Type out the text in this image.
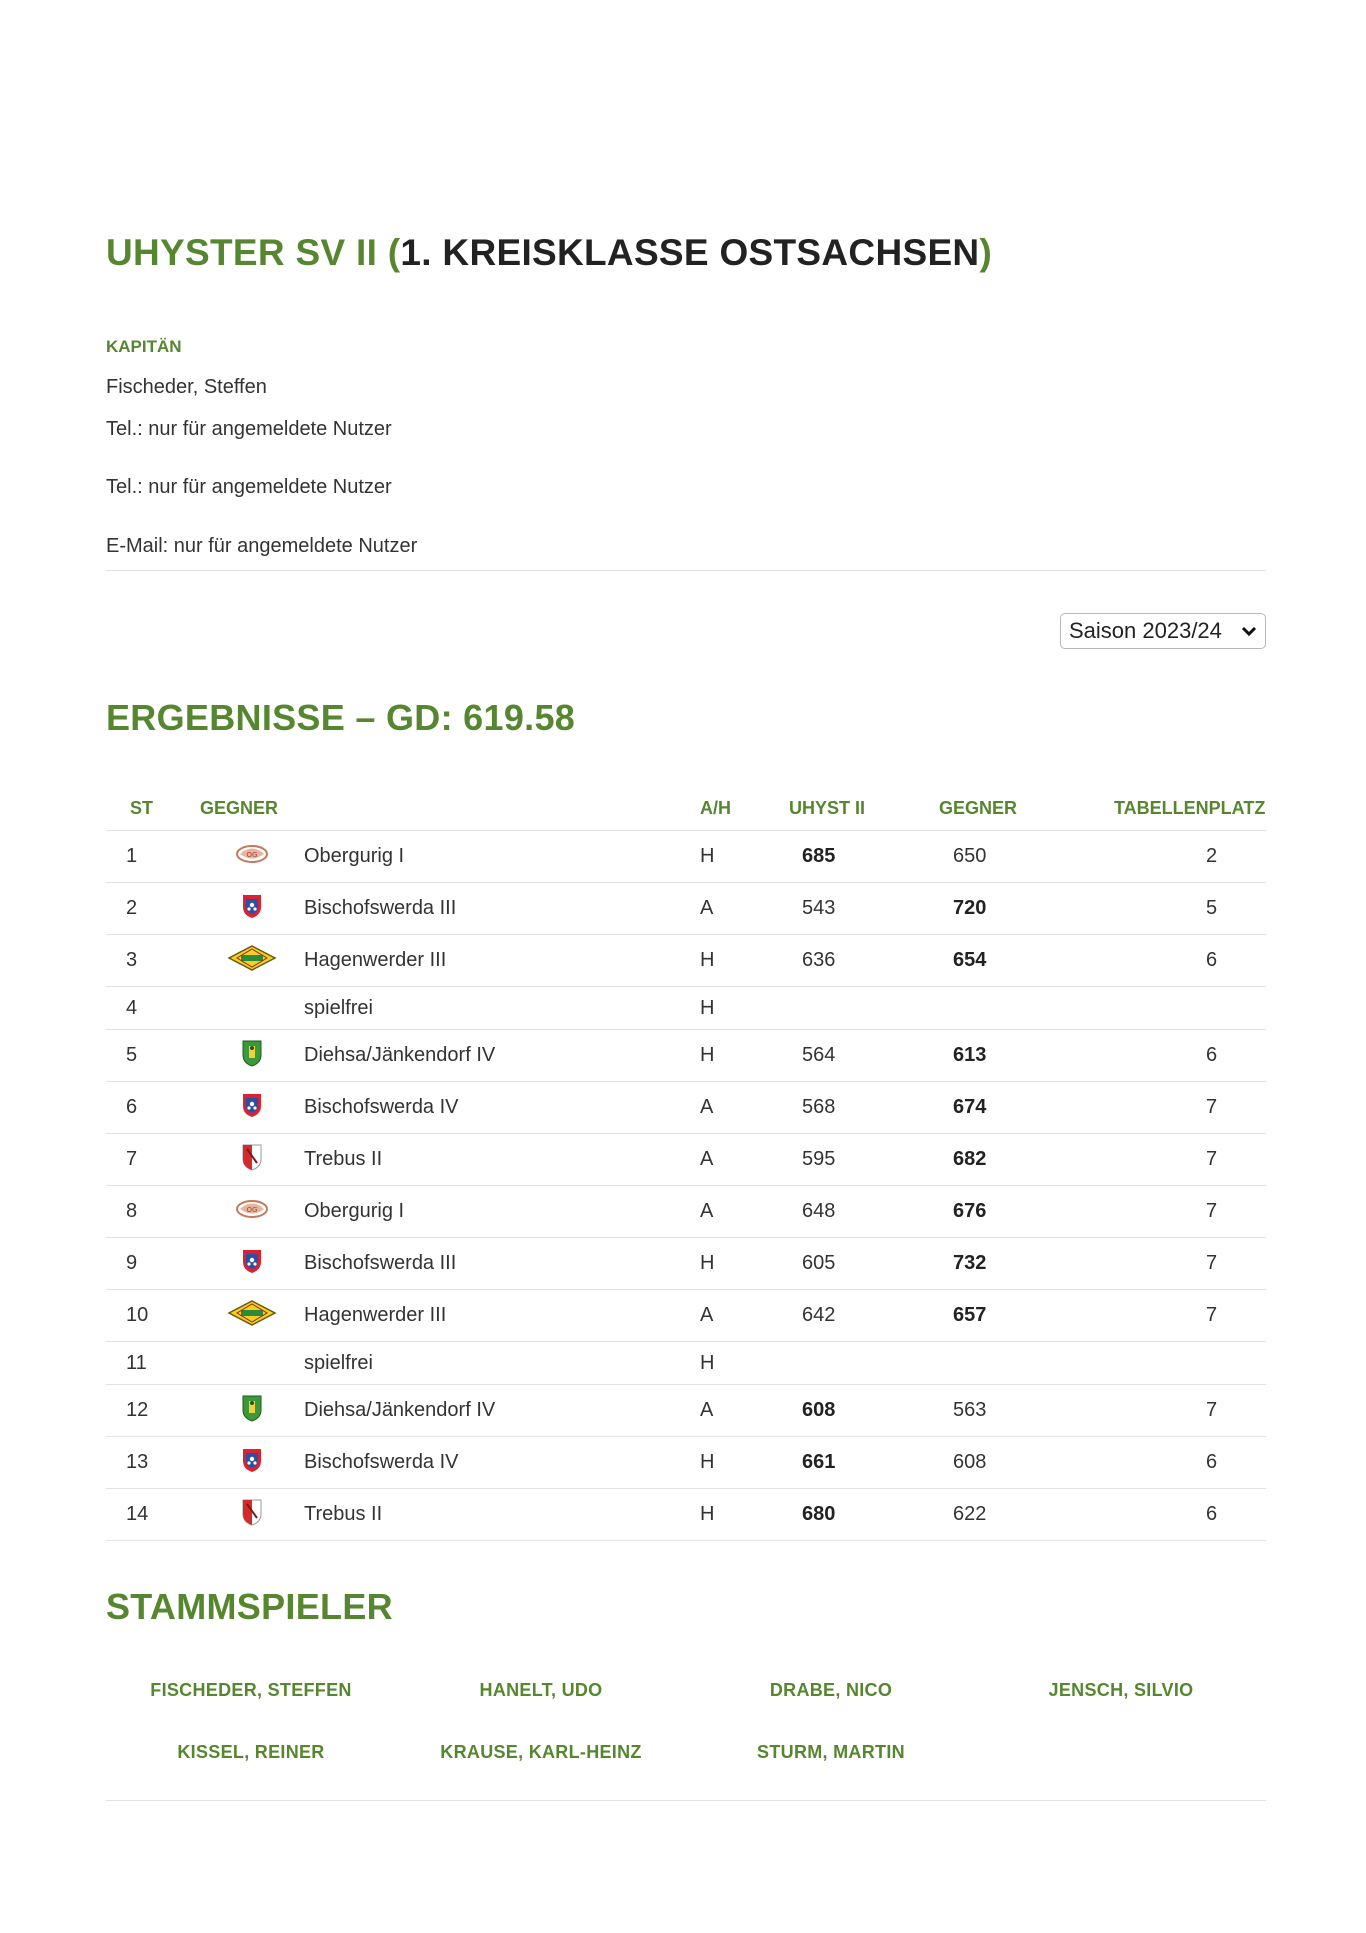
UHYSTER SV II (1. KREISKLASSE OSTSACHSEN)
KAPITÄN
Fischeder, Steffen
Tel.: nur für angemeldete Nutzer
Tel.: nur für angemeldete Nutzer
E-Mail: nur für angemeldete Nutzer
Saison 2023/24
ERGEBNISSE – GD: 619.58
ST	GEGNER		A/H	UHYST II	GEGNER	TABELLENPLATZ
1	OG	Obergurig I	H	685	650	2
2		Bischofswerda III	A	543	720	5
3		Hagenwerder III	H	636	654	6
4		spielfrei	H			
5		Diehsa/Jänkendorf IV	H	564	613	6
6		Bischofswerda IV	A	568	674	7
7		Trebus II	A	595	682	7
8	OG	Obergurig I	A	648	676	7
9		Bischofswerda III	H	605	732	7
10		Hagenwerder III	A	642	657	7
11		spielfrei	H			
12		Diehsa/Jänkendorf IV	A	608	563	7
13		Bischofswerda IV	H	661	608	6
14		Trebus II	H	680	622	6
STAMMSPIELER
FISCHEDER, STEFFEN	HANELT, UDO	DRABE, NICO	JENSCH, SILVIO
KISSEL, REINER	KRAUSE, KARL-HEINZ	STURM, MARTIN
